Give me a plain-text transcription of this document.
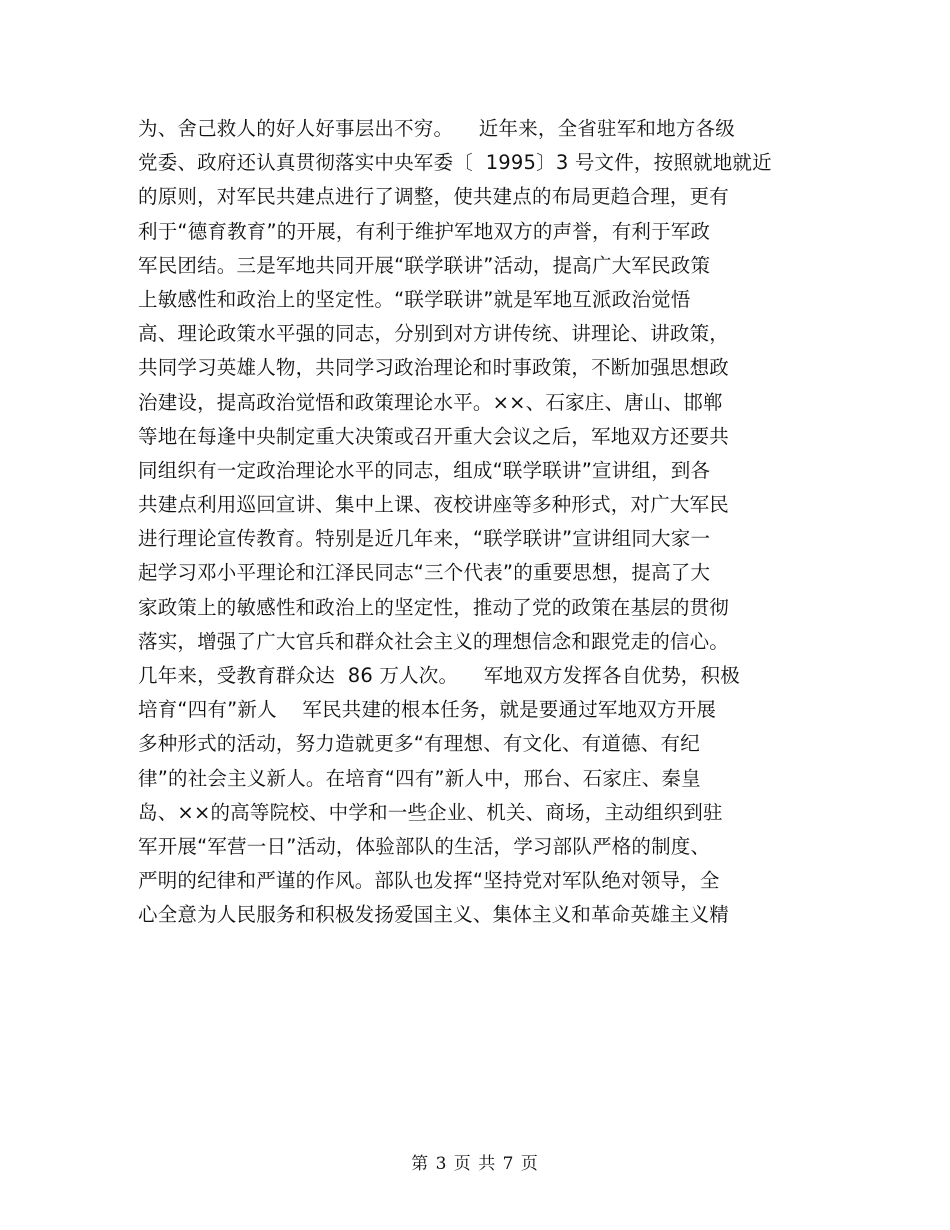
为、舍己救人的好人好事层出不穷。    近年来，全省驻军和地方各级
党委、政府还认真贯彻落实中央军委〔  1995〕3 号文件，按照就地就近
的原则，对军民共建点进行了调整，使共建点的布局更趋合理，更有
利于“德育教育”的开展，有利于维护军地双方的声誉，有利于军政
军民团结。三是军地共同开展“联学联讲”活动，提高广大军民政策
上敏感性和政治上的坚定性。“联学联讲”就是军地互派政治觉悟
高、理论政策水平强的同志，分别到对方讲传统、讲理论、讲政策，
共同学习英雄人物，共同学习政治理论和时事政策，不断加强思想政
治建设，提高政治觉悟和政策理论水平。××、石家庄、唐山、邯郸
等地在每逢中央制定重大决策或召开重大会议之后，军地双方还要共
同组织有一定政治理论水平的同志，组成“联学联讲”宣讲组，到各
共建点利用巡回宣讲、集中上课、夜校讲座等多种形式，对广大军民
进行理论宣传教育。特别是近几年来，“联学联讲”宣讲组同大家一
起学习邓小平理论和江泽民同志“三个代表”的重要思想，提高了大
家政策上的敏感性和政治上的坚定性，推动了党的政策在基层的贯彻
落实，增强了广大官兵和群众社会主义的理想信念和跟党走的信心。
几年来，受教育群众达  86 万人次。    军地双方发挥各自优势，积极
培育“四有”新人    军民共建的根本任务，就是要通过军地双方开展
多种形式的活动，努力造就更多“有理想、有文化、有道德、有纪
律”的社会主义新人。在培育“四有”新人中，邢台、石家庄、秦皇
岛、××的高等院校、中学和一些企业、机关、商场，主动组织到驻
军开展“军营一日”活动，体验部队的生活，学习部队严格的制度、
严明的纪律和严谨的作风。部队也发挥“坚持党对军队绝对领导，全
心全意为人民服务和积极发扬爱国主义、集体主义和革命英雄主义精
第 3 页 共 7 页
